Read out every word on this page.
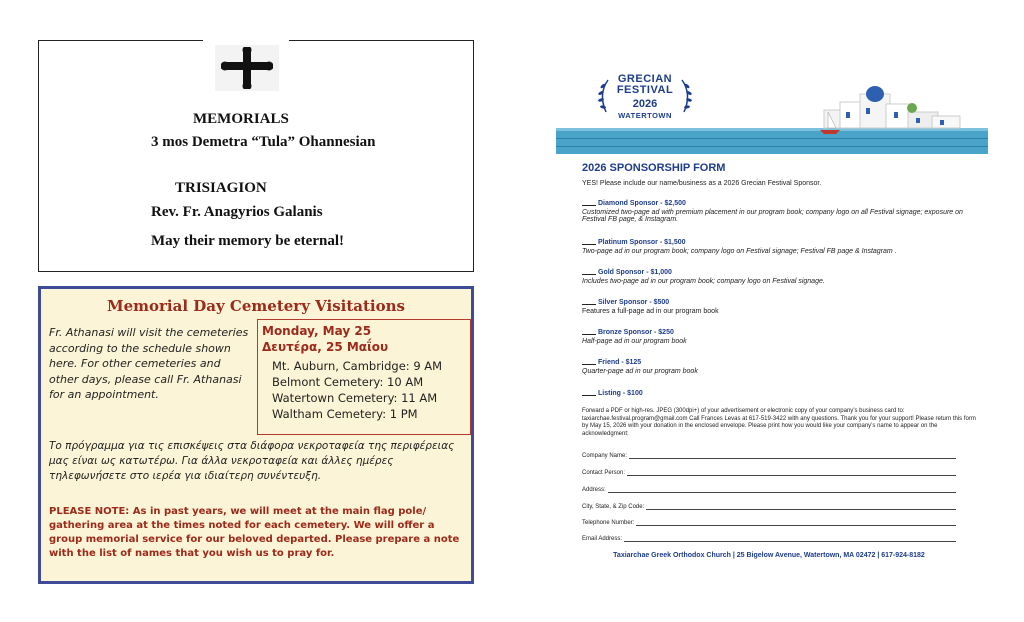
MEMORIALS
3 mos Demetra “Tula” Ohannesian
TRISIAGION
Rev. Fr. Anagyrios Galanis
May their memory be eternal!
Memorial Day Cemetery Visitations
Fr. Athanasi will visit the cemeteries according to the schedule shown here. For other cemeteries and other days, please call Fr. Athanasi for an appointment.
Monday, May 25
Δευτέρα, 25 Μαΐου
Mt. Auburn, Cambridge: 9 AM
Belmont Cemetery: 10 AM
Watertown Cemetery: 11 AM
Waltham Cemetery: 1 PM
Το πρόγραμμα για τις επισκέψεις στα διάφορα νεκροταφεία της περιφέρειας μας είναι ως κατωτέρω. Για άλλα νεκροταφεία και άλλες ημέρες τηλεφωνήσετε στο ιερέα για ιδιαίτερη συνέντευξη.
PLEASE NOTE: As in past years, we will meet at the main flag pole/ gathering area at the times noted for each cemetery. We will offer a group memorial service for our beloved departed. Please prepare a note with the list of names that you wish us to pray for.
GRECIAN
FESTIVAL
2026
WATERTOWN
2026 SPONSORSHIP FORM
YES! Please include our name/business as a 2026 Grecian Festival Sponsor.
Diamond Sponsor - $2,500
Customized two-page ad with premium placement in our program book; company logo on all Festival signage; exposure on Festival FB page, & Instagram.
Platinum Sponsor - $1,500
Two-page ad in our program book; company logo on Festival signage; Festival FB page & Instagram .
Gold Sponsor - $1,000
Includes two-page ad in our program book; company logo on Festival signage.
Silver Sponsor - $500
Features a full-page ad in our program book
Bronze Sponsor - $250
Half-page ad in our program book
Friend - $125
Quarter-page ad in our program book
Listing - $100
Forward a PDF or high-res. JPEG (300dpi+) of your advertisement or electronic copy of your company’s business card to: taxiarchae.festival.program@gmail.com Call Frances Levas at 617-519-3422 with any questions. Thank you for your support! Please return this form by May 15, 2026 with your donation in the enclosed envelope. Please print how you would like your company’s name to appear on the acknowledgment:
Company Name:
Contact Person:
Address:
City, State, & Zip Code:
Telephone Number:
Email Address:
Taxiarchae Greek Orthodox Church | 25 Bigelow Avenue, Watertown, MA 02472 | 617-924-8182
